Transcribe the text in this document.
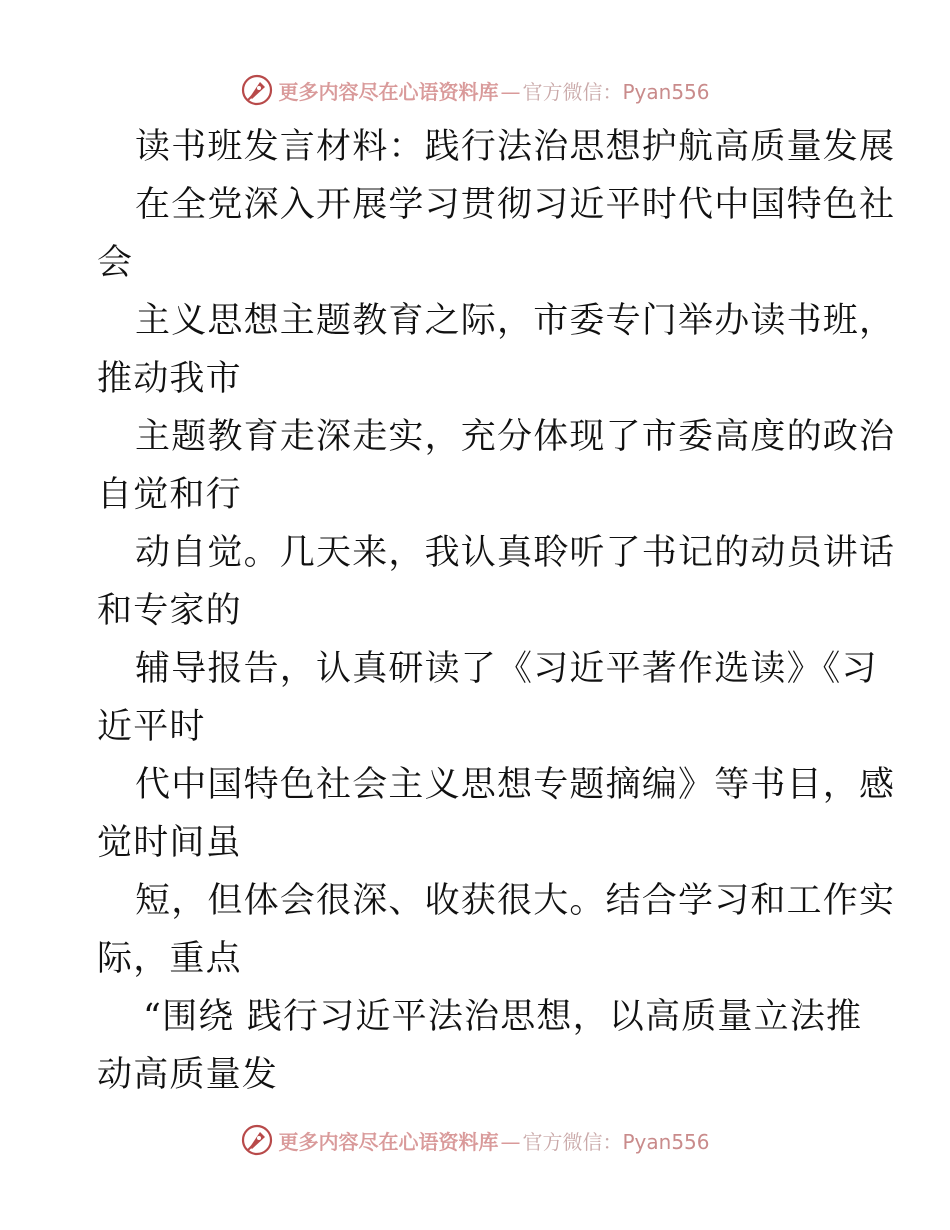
更多内容尽在心语资料库 — 官方微信：Pyan556
读书班发言材料：践行法治思想护航高质量发展
在全党深入开展学习贯彻习近平时代中国特色社
会
主义思想主题教育之际，市委专门举办读书班，
推动我市
主题教育走深走实，充分体现了市委高度的政治
自觉和行
动自觉。几天来，我认真聆听了书记的动员讲话
和专家的
辅导报告，认真研读了《习近平著作选读》《习
近平时
代中国特色社会主义思想专题摘编》等书目，感
觉时间虽
短，但体会很深、收获很大。结合学习和工作实
际，重点
“围绕 践行习近平法治思想，以高质量立法推
动高质量发
更多内容尽在心语资料库 — 官方微信：Pyan556
